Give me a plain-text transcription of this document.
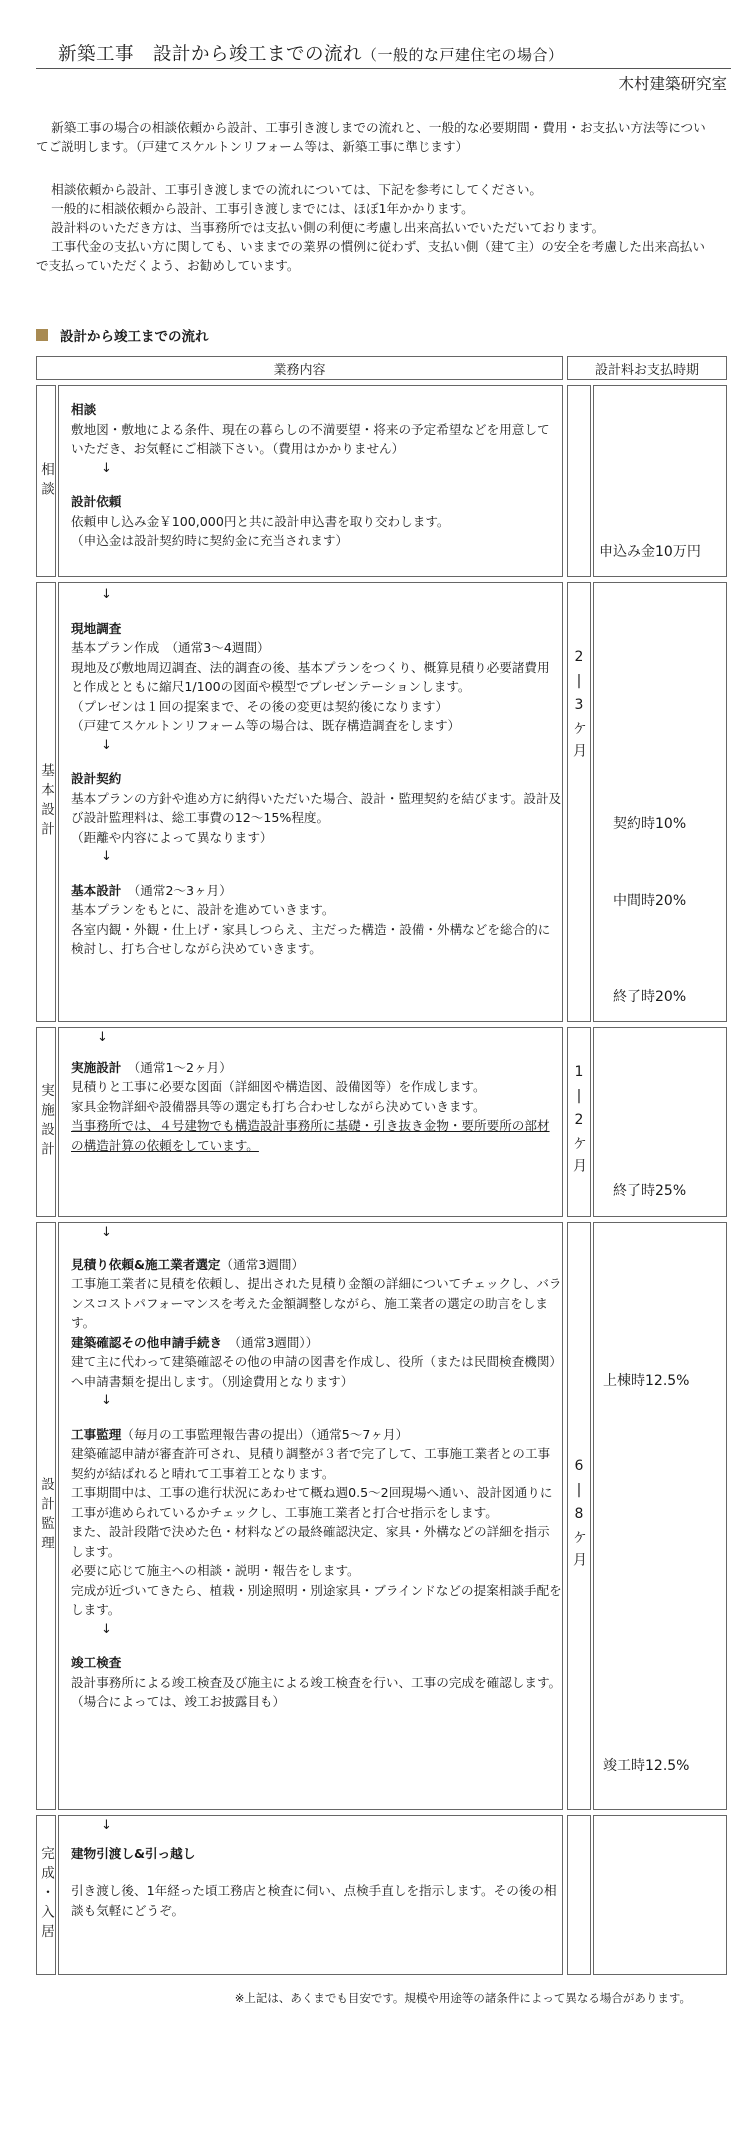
新築工事　設計から竣工までの流れ（一般的な戸建住宅の場合）
木村建築研究室

新築工事の場合の相談依頼から設計、工事引き渡しまでの流れと、一般的な必要期間・費用・お支払い方法等についてご説明します。（戸建てスケルトンリフォーム等は、新築工事に準じます）

相談依頼から設計、工事引き渡しまでの流れについては、下記を参考にしてください。

一般的に相談依頼から設計、工事引き渡しまでには、ほぼ1年かかります。

設計料のいただき方は、当事務所では支払い側の利便に考慮し出来高払いでいただいております。

工事代金の支払い方に関しても、いままでの業界の慣例に従わず、支払い側（建て主）の安全を考慮した出来高払いで支払っていただくよう、お勧めしています。

設計から竣工までの流れ
業務内容	設計料お支払時期
相談
相談
敷地図・敷地による条件、現在の暮らしの不満要望・将来の予定希望などを用意していただき、お気軽にご相談下さい。（費用はかかりません）
↓
設計依頼
依頼申し込み金￥100,000円と共に設計申込書を取り交わします。
（申込金は設計契約時に契約金に充当されます）
申込み金10万円
基本設計
↓
現地調査
基本プラン作成　（通常3〜4週間）
現地及び敷地周辺調査、法的調査の後、基本プランをつくり、概算見積り必要諸費用と作成とともに縮尺1/100の図面や模型でプレゼンテーションします。
（プレゼンは１回の提案まで、その後の変更は契約後になります）
（戸建てスケルトンリフォーム等の場合は、既存構造調査をします）
↓
設計契約
基本プランの方針や進め方に納得いただいた場合、設計・監理契約を結びます。設計及び設計監理料は、総工事費の12〜15%程度。
（距離や内容によって異なります）
↓
基本設計　 （通常2〜3ヶ月）
基本プランをもとに、設計を進めていきます。
各室内観・外観・仕上げ・家具しつらえ、主だった構造・設備・外構などを総合的に検討し、打ち合せしながら決めていきます。
2|3ケ月
契約時10%
中間時20%
終了時20%
実施設計
↓
実施設計　 （通常1〜2ヶ月）
見積りと工事に必要な図面（詳細図や構造図、設備図等）を作成します。
家具金物詳細や設備器具等の選定も打ち合わせしながら決めていきます。
当事務所では、４号建物でも構造設計事務所に基礎・引き抜き金物・要所要所の部材の構造計算の依頼をしています。	1|2ケ月
終了時25%
設計監理
↓
見積り依頼&施工業者選定（通常3週間）
工事施工業者に見積を依頼し、提出された見積り金額の詳細についてチェックし、バランスコストパフォーマンスを考えた金額調整しながら、施工業者の選定の助言をします。
建築確認その他申請手続き　 （通常3週間））
建て主に代わって建築確認その他の申請の図書を作成し、役所（または民間検査機関）へ申請書類を提出します。（別途費用となります）
↓
工事監理（毎月の工事監理報告書の提出）（通常5〜7ヶ月）
建築確認申請が審査許可され、見積り調整が３者で完了して、工事施工業者との工事契約が結ばれると晴れて工事着工となります。
工事期間中は、工事の進行状況にあわせて概ね週0.5〜2回現場へ通い、設計図通りに工事が進められているかチェックし、工事施工業者と打合せ指示をします。
また、設計段階で決めた色・材料などの最終確認決定、家具・外構などの詳細を指示します。
必要に応じて施主への相談・説明・報告をします。
完成が近づいてきたら、植栽・別途照明・別途家具・ブラインドなどの提案相談手配をします。
↓
竣工検査
設計事務所による竣工検査及び施主による竣工検査を行い、工事の完成を確認します。
（場合によっては、竣工お披露目も）
6|8ケ月
上棟時12.5%
竣工時12.5%
完成・入居
↓
建物引渡し&引っ越し
引き渡し後、1年経った頃工務店と検査に伺い、点検手直しを指示します。その後の相談も気軽にどうぞ。
※上記は、あくまでも目安です。規模や用途等の諸条件によって異なる場合があります。
